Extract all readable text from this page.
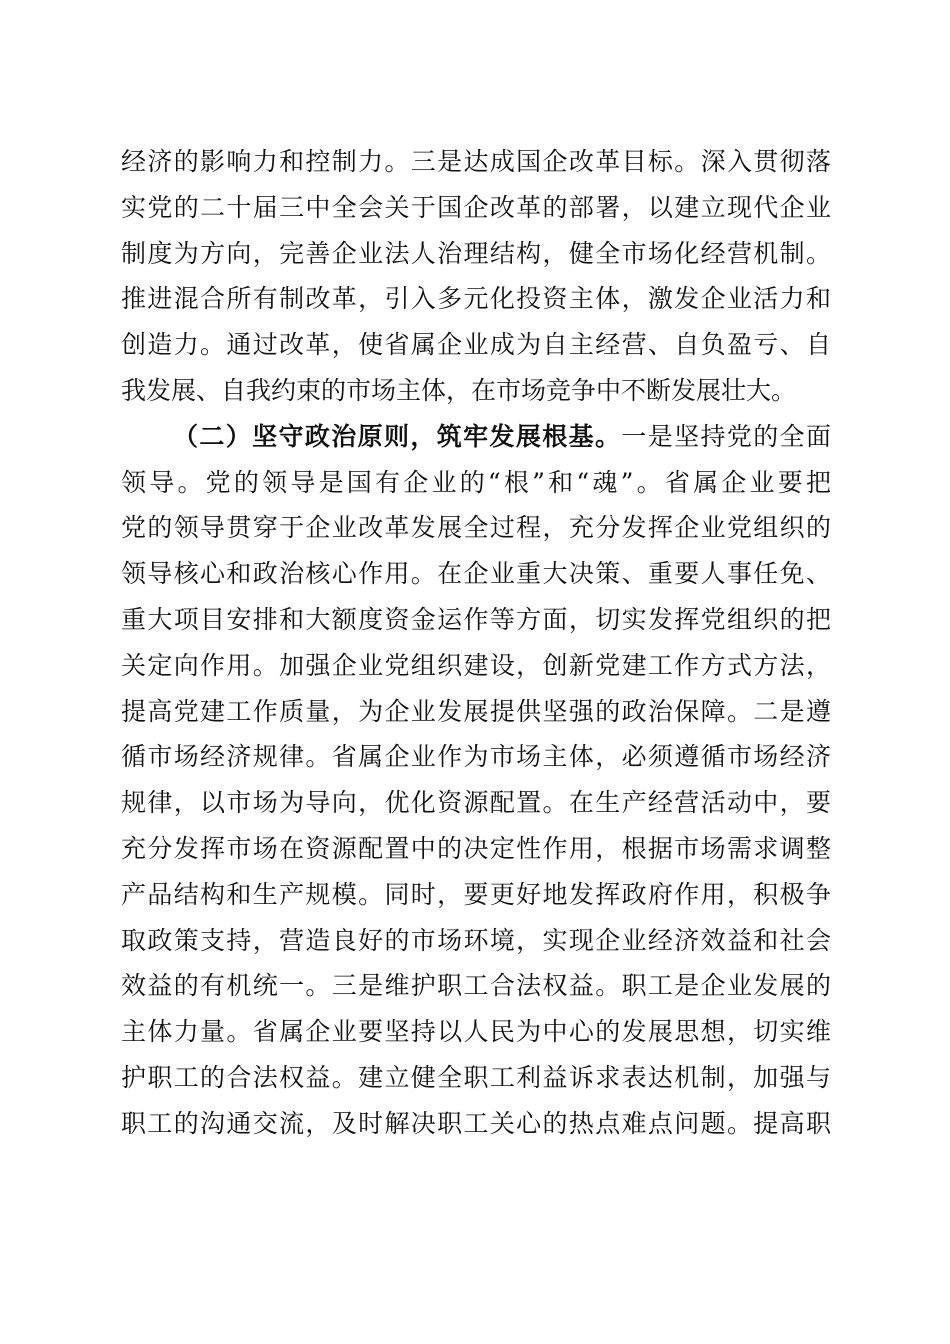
经济的影响力和控制力。三是达成国企改革目标。深入贯彻落
实党的二十届三中全会关于国企改革的部署，以建立现代企业
制度为方向，完善企业法人治理结构，健全市场化经营机制。
推进混合所有制改革，引入多元化投资主体，激发企业活力和
创造力。通过改革，使省属企业成为自主经营、自负盈亏、自
我发展、自我约束的市场主体，在市场竞争中不断发展壮大。
（二）坚守政治原则，筑牢发展根基。一是坚持党的全面
领导。党的领导是国有企业的“根”和“魂”。省属企业要把
党的领导贯穿于企业改革发展全过程，充分发挥企业党组织的
领导核心和政治核心作用。在企业重大决策、重要人事任免、
重大项目安排和大额度资金运作等方面，切实发挥党组织的把
关定向作用。加强企业党组织建设，创新党建工作方式方法，
提高党建工作质量，为企业发展提供坚强的政治保障。二是遵
循市场经济规律。省属企业作为市场主体，必须遵循市场经济
规律，以市场为导向，优化资源配置。在生产经营活动中，要
充分发挥市场在资源配置中的决定性作用，根据市场需求调整
产品结构和生产规模。同时，要更好地发挥政府作用，积极争
取政策支持，营造良好的市场环境，实现企业经济效益和社会
效益的有机统一。三是维护职工合法权益。职工是企业发展的
主体力量。省属企业要坚持以人民为中心的发展思想，切实维
护职工的合法权益。建立健全职工利益诉求表达机制，加强与
职工的沟通交流，及时解决职工关心的热点难点问题。提高职
